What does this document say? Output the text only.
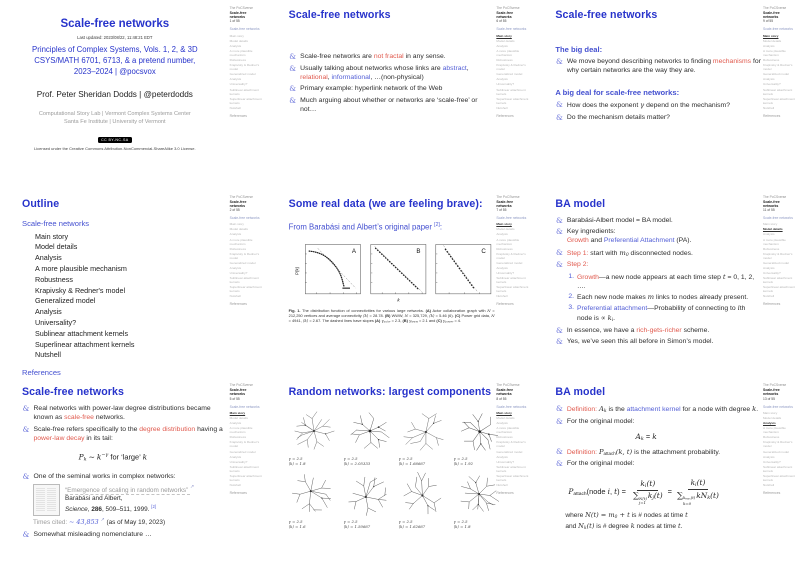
Scale-free networks
Last updated: 2023/08/22, 11:48:21 EDT
Principles of Complex Systems, Vols. 1, 2, & 3D
CSYS/MATH 6701, 6713, & a pretend number,
2023–2024 | @pocsvox
Prof. Peter Sheridan Dodds | @peterdodds
Computational Story Lab | Vermont Complex Systems Center
Santa Fe Institute | University of Vermont
CC BY-NC-SA
Licensed under the Creative Commons Attribution-NonCommercial-ShareAlike 3.0 License.
The PoCSverse
Scale-free
networks
1 of 55
Scale-free networks
Main story
Model details
Analysis
A more plausible mechanism
Robustness
Krapivsky & Redner's model
Generalized model
Analysis
Universality?
Sublinear attachment kernels
Superlinear attachment kernels
Nutshell
References
Scale-free networks
& Scale-free networks are not fractal in any sense.
& Usually talking about networks whose links are abstract, relational, informational, …(non-physical)
& Primary example: hyperlink network of the Web
& Much arguing about whether or networks are ‘scale-free’ or not…
The PoCSverse
Scale-free
networks
6 of 55
Scale-free networks
Main story
Model details
Analysis
A more plausible mechanism
Robustness
Krapivsky & Redner's model
Generalized model
Analysis
Universality?
Sublinear attachment kernels
Superlinear attachment kernels
Nutshell
References
Scale-free networks
The big deal:
& We move beyond describing networks to finding mechanisms for why certain networks are the way they are.
A big deal for scale-free networks:
& How does the exponent γ depend on the mechanism?
& Do the mechanism details matter?
The PoCSverse
Scale-free
networks
9 of 55
Scale-free networks
Main story
Model details
Analysis
A more plausible mechanism
Robustness
Krapivsky & Redner's model
Generalized model
Analysis
Universality?
Sublinear attachment kernels
Superlinear attachment kernels
Nutshell
References
Outline
Scale-free networks
Main story
Model details
Analysis
A more plausible mechanism
Robustness
Krapivsky & Redner's model
Generalized model
Analysis
Universality?
Sublinear attachment kernels
Superlinear attachment kernels
Nutshell
References
The PoCSverse
Scale-free
networks
2 of 55
Scale-free networks
Main story
Model details
Analysis
A more plausible mechanism
Robustness
Krapivsky & Redner's model
Generalized model
Analysis
Universality?
Sublinear attachment kernels
Superlinear attachment kernels
Nutshell
References
Some real data (we are feeling brave):
From Barabási and Albert’s original paper [2]:
A
P(k)
B
k
C
Fig. 1. The distribution function of connectivities for various large networks. (A) Actor collaboration graph with N = 212,250 vertices and average connectivity ⟨k⟩ = 28.78. (B) WWW, N = 325,729, ⟨k⟩ = 5.46 (6). (C) Power grid data, N = 4941, ⟨k⟩ = 2.67. The dashed lines have slopes (A) γactor = 2.3, (B) γwww = 2.1 and (C) γpower = 4.
The PoCSverse
Scale-free
networks
7 of 55
Scale-free networks
Main story
Model details
Analysis
A more plausible mechanism
Robustness
Krapivsky & Redner's model
Generalized model
Analysis
Universality?
Sublinear attachment kernels
Superlinear attachment kernels
Nutshell
References
BA model
& Barabási-Albert model = BA model.
& Key ingredients:
Growth and Preferential Attachment (PA).
& Step 1: start with m0 disconnected nodes.
& Step 2:
1. Growth—a new node appears at each time step t = 0, 1, 2, ….
2. Each new node makes m links to nodes already present.
3. Preferential attachment—Probability of connecting to ith node is ∝ ki.
& In essence, we have a rich-gets-richer scheme.
& Yes, we’ve seen this all before in Simon’s model.
The PoCSverse
Scale-free
networks
11 of 55
Scale-free networks
Main story
Model details
Analysis
A more plausible mechanism
Robustness
Krapivsky & Redner's model
Generalized model
Analysis
Universality?
Sublinear attachment kernels
Superlinear attachment kernels
Nutshell
References
Scale-free networks
& Real networks with power-law degree distributions became known as scale-free networks.
& Scale-free refers specifically to the degree distribution having a power-law decay in its tail:
Pk ∼ $k^{-\gamma}$ for ‘large’ k
& One of the seminal works in complex networks:
“Emergence of scaling in random networks” ↗
Barabási and Albert,
Science, 286, 509–511, 1999. [2]
Times cited: ∼ 43,853 ↗ (as of May 19, 2023)
& Somewhat misleading nomenclature …
The PoCSverse
Scale-free
networks
5 of 55
Scale-free networks
Main story
Model details
Analysis
A more plausible mechanism
Robustness
Krapivsky & Redner's model
Generalized model
Analysis
Universality?
Sublinear attachment kernels
Superlinear attachment kernels
Nutshell
References
Random networks: largest components
γ = 2.5
⟨k⟩ = 1.8
γ = 2.5
⟨k⟩ = 2.05333
γ = 2.5
⟨k⟩ = 1.66667
γ = 2.5
⟨k⟩ = 1.92
γ = 2.5
⟨k⟩ = 1.6
γ = 2.5
⟨k⟩ = 1.50667
γ = 2.5
⟨k⟩ = 1.62667
γ = 2.5
⟨k⟩ = 1.8
The PoCSverse
Scale-free
networks
8 of 55
Scale-free networks
Main story
Model details
Analysis
A more plausible mechanism
Robustness
Krapivsky & Redner's model
Generalized model
Analysis
Universality?
Sublinear attachment kernels
Superlinear attachment kernels
Nutshell
References
BA model
& Definition: Ak is the attachment kernel for a node with degree k.
& For the original model:
Ak = k
& Definition: Pattach(k, t) is the attachment probability.
& For the original model:
Pattach(node i, t) = ki(t)
∑ N(t)
j=1
kj(t) = ki(t)
∑ kmax(t)
k=0
kNk(t)
where N(t) = m0 + t is # nodes at time t
and Nk(t) is # degree k nodes at time t.
The PoCSverse
Scale-free
networks
13 of 55
Scale-free networks
Main story
Model details
Analysis
A more plausible mechanism
Robustness
Krapivsky & Redner's model
Generalized model
Analysis
Universality?
Sublinear attachment kernels
Superlinear attachment kernels
Nutshell
References
